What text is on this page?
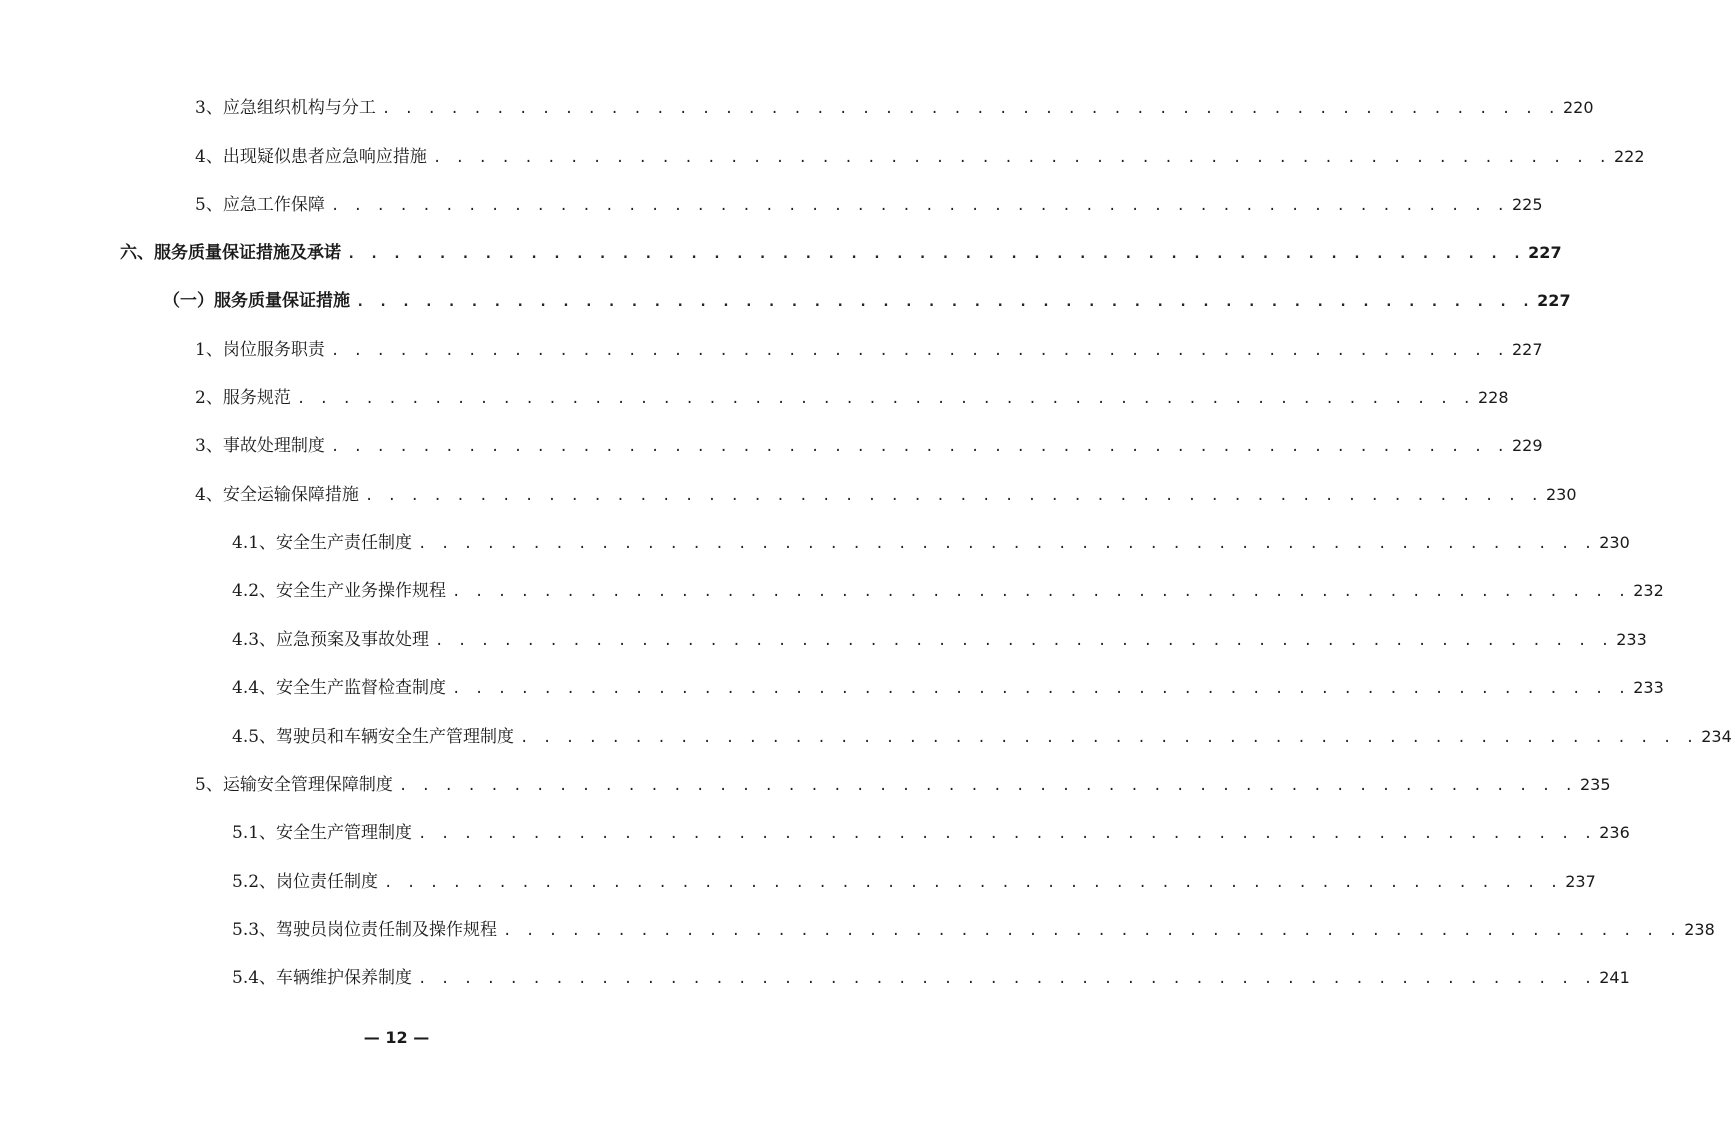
3、 应急组织机构与分工 . . . . . . . . . . . . . . . . . . . . . . . . . . . . . . . . . . . . . . . . . . . . . . . . . . . . 220
4、 出现疑似患者应急响应措施 . . . . . . . . . . . . . . . . . . . . . . . . . . . . . . . . . . . . . . . . . . . . . . . . . . . . 222
5、 应急工作保障 . . . . . . . . . . . . . . . . . . . . . . . . . . . . . . . . . . . . . . . . . . . . . . . . . . . . 225
六、 服务质量保证措施及承诺 . . . . . . . . . . . . . . . . . . . . . . . . . . . . . . . . . . . . . . . . . . . . . . . . . . . . 227
（一） 服务质量保证措施 . . . . . . . . . . . . . . . . . . . . . . . . . . . . . . . . . . . . . . . . . . . . . . . . . . . . 227
1、 岗位服务职责 . . . . . . . . . . . . . . . . . . . . . . . . . . . . . . . . . . . . . . . . . . . . . . . . . . . . 227
2、 服务规范 . . . . . . . . . . . . . . . . . . . . . . . . . . . . . . . . . . . . . . . . . . . . . . . . . . . . 228
3、 事故处理制度 . . . . . . . . . . . . . . . . . . . . . . . . . . . . . . . . . . . . . . . . . . . . . . . . . . . . 229
4、 安全运输保障措施 . . . . . . . . . . . . . . . . . . . . . . . . . . . . . . . . . . . . . . . . . . . . . . . . . . . . 230
4.1、 安全生产责任制度 . . . . . . . . . . . . . . . . . . . . . . . . . . . . . . . . . . . . . . . . . . . . . . . . . . . . 230
4.2、 安全生产业务操作规程 . . . . . . . . . . . . . . . . . . . . . . . . . . . . . . . . . . . . . . . . . . . . . . . . . . . . 232
4.3、 应急预案及事故处理 . . . . . . . . . . . . . . . . . . . . . . . . . . . . . . . . . . . . . . . . . . . . . . . . . . . . 233
4.4、 安全生产监督检查制度 . . . . . . . . . . . . . . . . . . . . . . . . . . . . . . . . . . . . . . . . . . . . . . . . . . . . 233
4.5、 驾驶员和车辆安全生产管理制度 . . . . . . . . . . . . . . . . . . . . . . . . . . . . . . . . . . . . . . . . . . . . . . . . . . . . 234
5、 运输安全管理保障制度 . . . . . . . . . . . . . . . . . . . . . . . . . . . . . . . . . . . . . . . . . . . . . . . . . . . . 235
5.1、 安全生产管理制度 . . . . . . . . . . . . . . . . . . . . . . . . . . . . . . . . . . . . . . . . . . . . . . . . . . . . 236
5.2、 岗位责任制度 . . . . . . . . . . . . . . . . . . . . . . . . . . . . . . . . . . . . . . . . . . . . . . . . . . . . 237
5.3、 驾驶员岗位责任制及操作规程 . . . . . . . . . . . . . . . . . . . . . . . . . . . . . . . . . . . . . . . . . . . . . . . . . . . . 238
5.4、 车辆维护保养制度 . . . . . . . . . . . . . . . . . . . . . . . . . . . . . . . . . . . . . . . . . . . . . . . . . . . . 241
— 12 —
